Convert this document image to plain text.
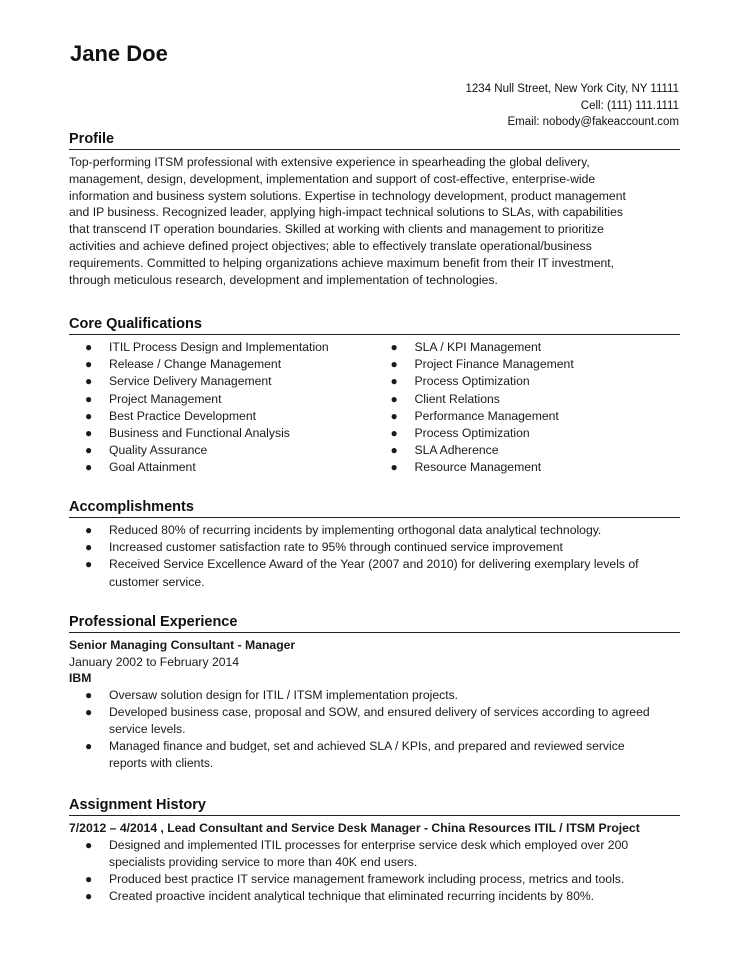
Jane Doe
1234 Null Street, New York City, NY 11111
Cell: (111) 111.1111
Email: nobody@fakeaccount.com
Profile
Top-performing ITSM professional with extensive experience in spearheading the global delivery,
management, design, development, implementation and support of cost-effective, enterprise-wide
information and business system solutions. Expertise in technology development, product management
and IP business. Recognized leader, applying high-impact technical solutions to SLAs, with capabilities
that transcend IT operation boundaries. Skilled at working with clients and management to prioritize
activities and achieve defined project objectives; able to effectively translate operational/business
requirements. Committed to helping organizations achieve maximum benefit from their IT investment,
through meticulous research, development and implementation of technologies.
Core Qualifications
● ITIL Process Design and Implementation
● Release / Change Management
● Service Delivery Management
● Project Management
● Best Practice Development
● Business and Functional Analysis
● Quality Assurance
● Goal Attainment
● SLA / KPI Management
● Project Finance Management
● Process Optimization
● Client Relations
● Performance Management
● Process Optimization
● SLA Adherence
● Resource Management
Accomplishments
● Reduced 80% of recurring incidents by implementing orthogonal data analytical technology.
● Increased customer satisfaction rate to 95% through continued service improvement
● Received Service Excellence Award of the Year (2007 and 2010) for delivering exemplary levels of
customer service.
Professional Experience
Senior Managing Consultant - Manager
January 2002 to February 2014
IBM
● Oversaw solution design for ITIL / ITSM implementation projects.
● Developed business case, proposal and SOW, and ensured delivery of services according to agreed
service levels.
● Managed finance and budget, set and achieved SLA / KPIs, and prepared and reviewed service
reports with clients.
Assignment History
7/2012 – 4/2014 , Lead Consultant and Service Desk Manager - China Resources ITIL / ITSM Project
● Designed and implemented ITIL processes for enterprise service desk which employed over 200
specialists providing service to more than 40K end users.
● Produced best practice IT service management framework including process, metrics and tools.
● Created proactive incident analytical technique that eliminated recurring incidents by 80%.
